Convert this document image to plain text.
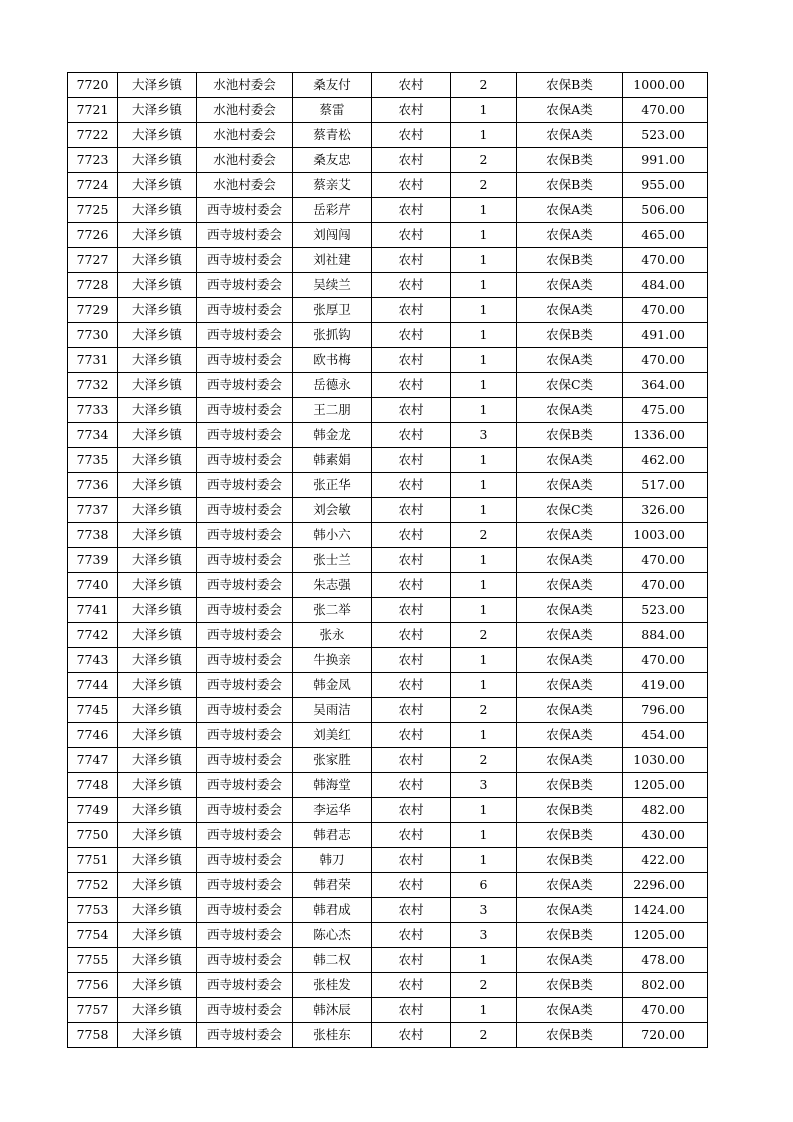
7720	大泽乡镇	水池村委会	桑友付	农村	2	农保B类	1000.00
7721	大泽乡镇	水池村委会	蔡雷	农村	1	农保A类	470.00
7722	大泽乡镇	水池村委会	蔡青松	农村	1	农保A类	523.00
7723	大泽乡镇	水池村委会	桑友忠	农村	2	农保B类	991.00
7724	大泽乡镇	水池村委会	蔡亲艾	农村	2	农保B类	955.00
7725	大泽乡镇	西寺坡村委会	岳彩芹	农村	1	农保A类	506.00
7726	大泽乡镇	西寺坡村委会	刘闯闯	农村	1	农保A类	465.00
7727	大泽乡镇	西寺坡村委会	刘社建	农村	1	农保B类	470.00
7728	大泽乡镇	西寺坡村委会	吴续兰	农村	1	农保A类	484.00
7729	大泽乡镇	西寺坡村委会	张厚卫	农村	1	农保A类	470.00
7730	大泽乡镇	西寺坡村委会	张抓钩	农村	1	农保B类	491.00
7731	大泽乡镇	西寺坡村委会	欧书梅	农村	1	农保A类	470.00
7732	大泽乡镇	西寺坡村委会	岳德永	农村	1	农保C类	364.00
7733	大泽乡镇	西寺坡村委会	王二朋	农村	1	农保A类	475.00
7734	大泽乡镇	西寺坡村委会	韩金龙	农村	3	农保B类	1336.00
7735	大泽乡镇	西寺坡村委会	韩素娟	农村	1	农保A类	462.00
7736	大泽乡镇	西寺坡村委会	张正华	农村	1	农保A类	517.00
7737	大泽乡镇	西寺坡村委会	刘会敏	农村	1	农保C类	326.00
7738	大泽乡镇	西寺坡村委会	韩小六	农村	2	农保A类	1003.00
7739	大泽乡镇	西寺坡村委会	张士兰	农村	1	农保A类	470.00
7740	大泽乡镇	西寺坡村委会	朱志强	农村	1	农保A类	470.00
7741	大泽乡镇	西寺坡村委会	张二举	农村	1	农保A类	523.00
7742	大泽乡镇	西寺坡村委会	张永	农村	2	农保A类	884.00
7743	大泽乡镇	西寺坡村委会	牛换亲	农村	1	农保A类	470.00
7744	大泽乡镇	西寺坡村委会	韩金凤	农村	1	农保A类	419.00
7745	大泽乡镇	西寺坡村委会	吴雨洁	农村	2	农保A类	796.00
7746	大泽乡镇	西寺坡村委会	刘美红	农村	1	农保A类	454.00
7747	大泽乡镇	西寺坡村委会	张家胜	农村	2	农保A类	1030.00
7748	大泽乡镇	西寺坡村委会	韩海堂	农村	3	农保B类	1205.00
7749	大泽乡镇	西寺坡村委会	李运华	农村	1	农保B类	482.00
7750	大泽乡镇	西寺坡村委会	韩君志	农村	1	农保B类	430.00
7751	大泽乡镇	西寺坡村委会	韩刀	农村	1	农保B类	422.00
7752	大泽乡镇	西寺坡村委会	韩君荣	农村	6	农保A类	2296.00
7753	大泽乡镇	西寺坡村委会	韩君成	农村	3	农保A类	1424.00
7754	大泽乡镇	西寺坡村委会	陈心杰	农村	3	农保B类	1205.00
7755	大泽乡镇	西寺坡村委会	韩二权	农村	1	农保A类	478.00
7756	大泽乡镇	西寺坡村委会	张桂发	农村	2	农保B类	802.00
7757	大泽乡镇	西寺坡村委会	韩沐辰	农村	1	农保A类	470.00
7758	大泽乡镇	西寺坡村委会	张桂东	农村	2	农保B类	720.00
